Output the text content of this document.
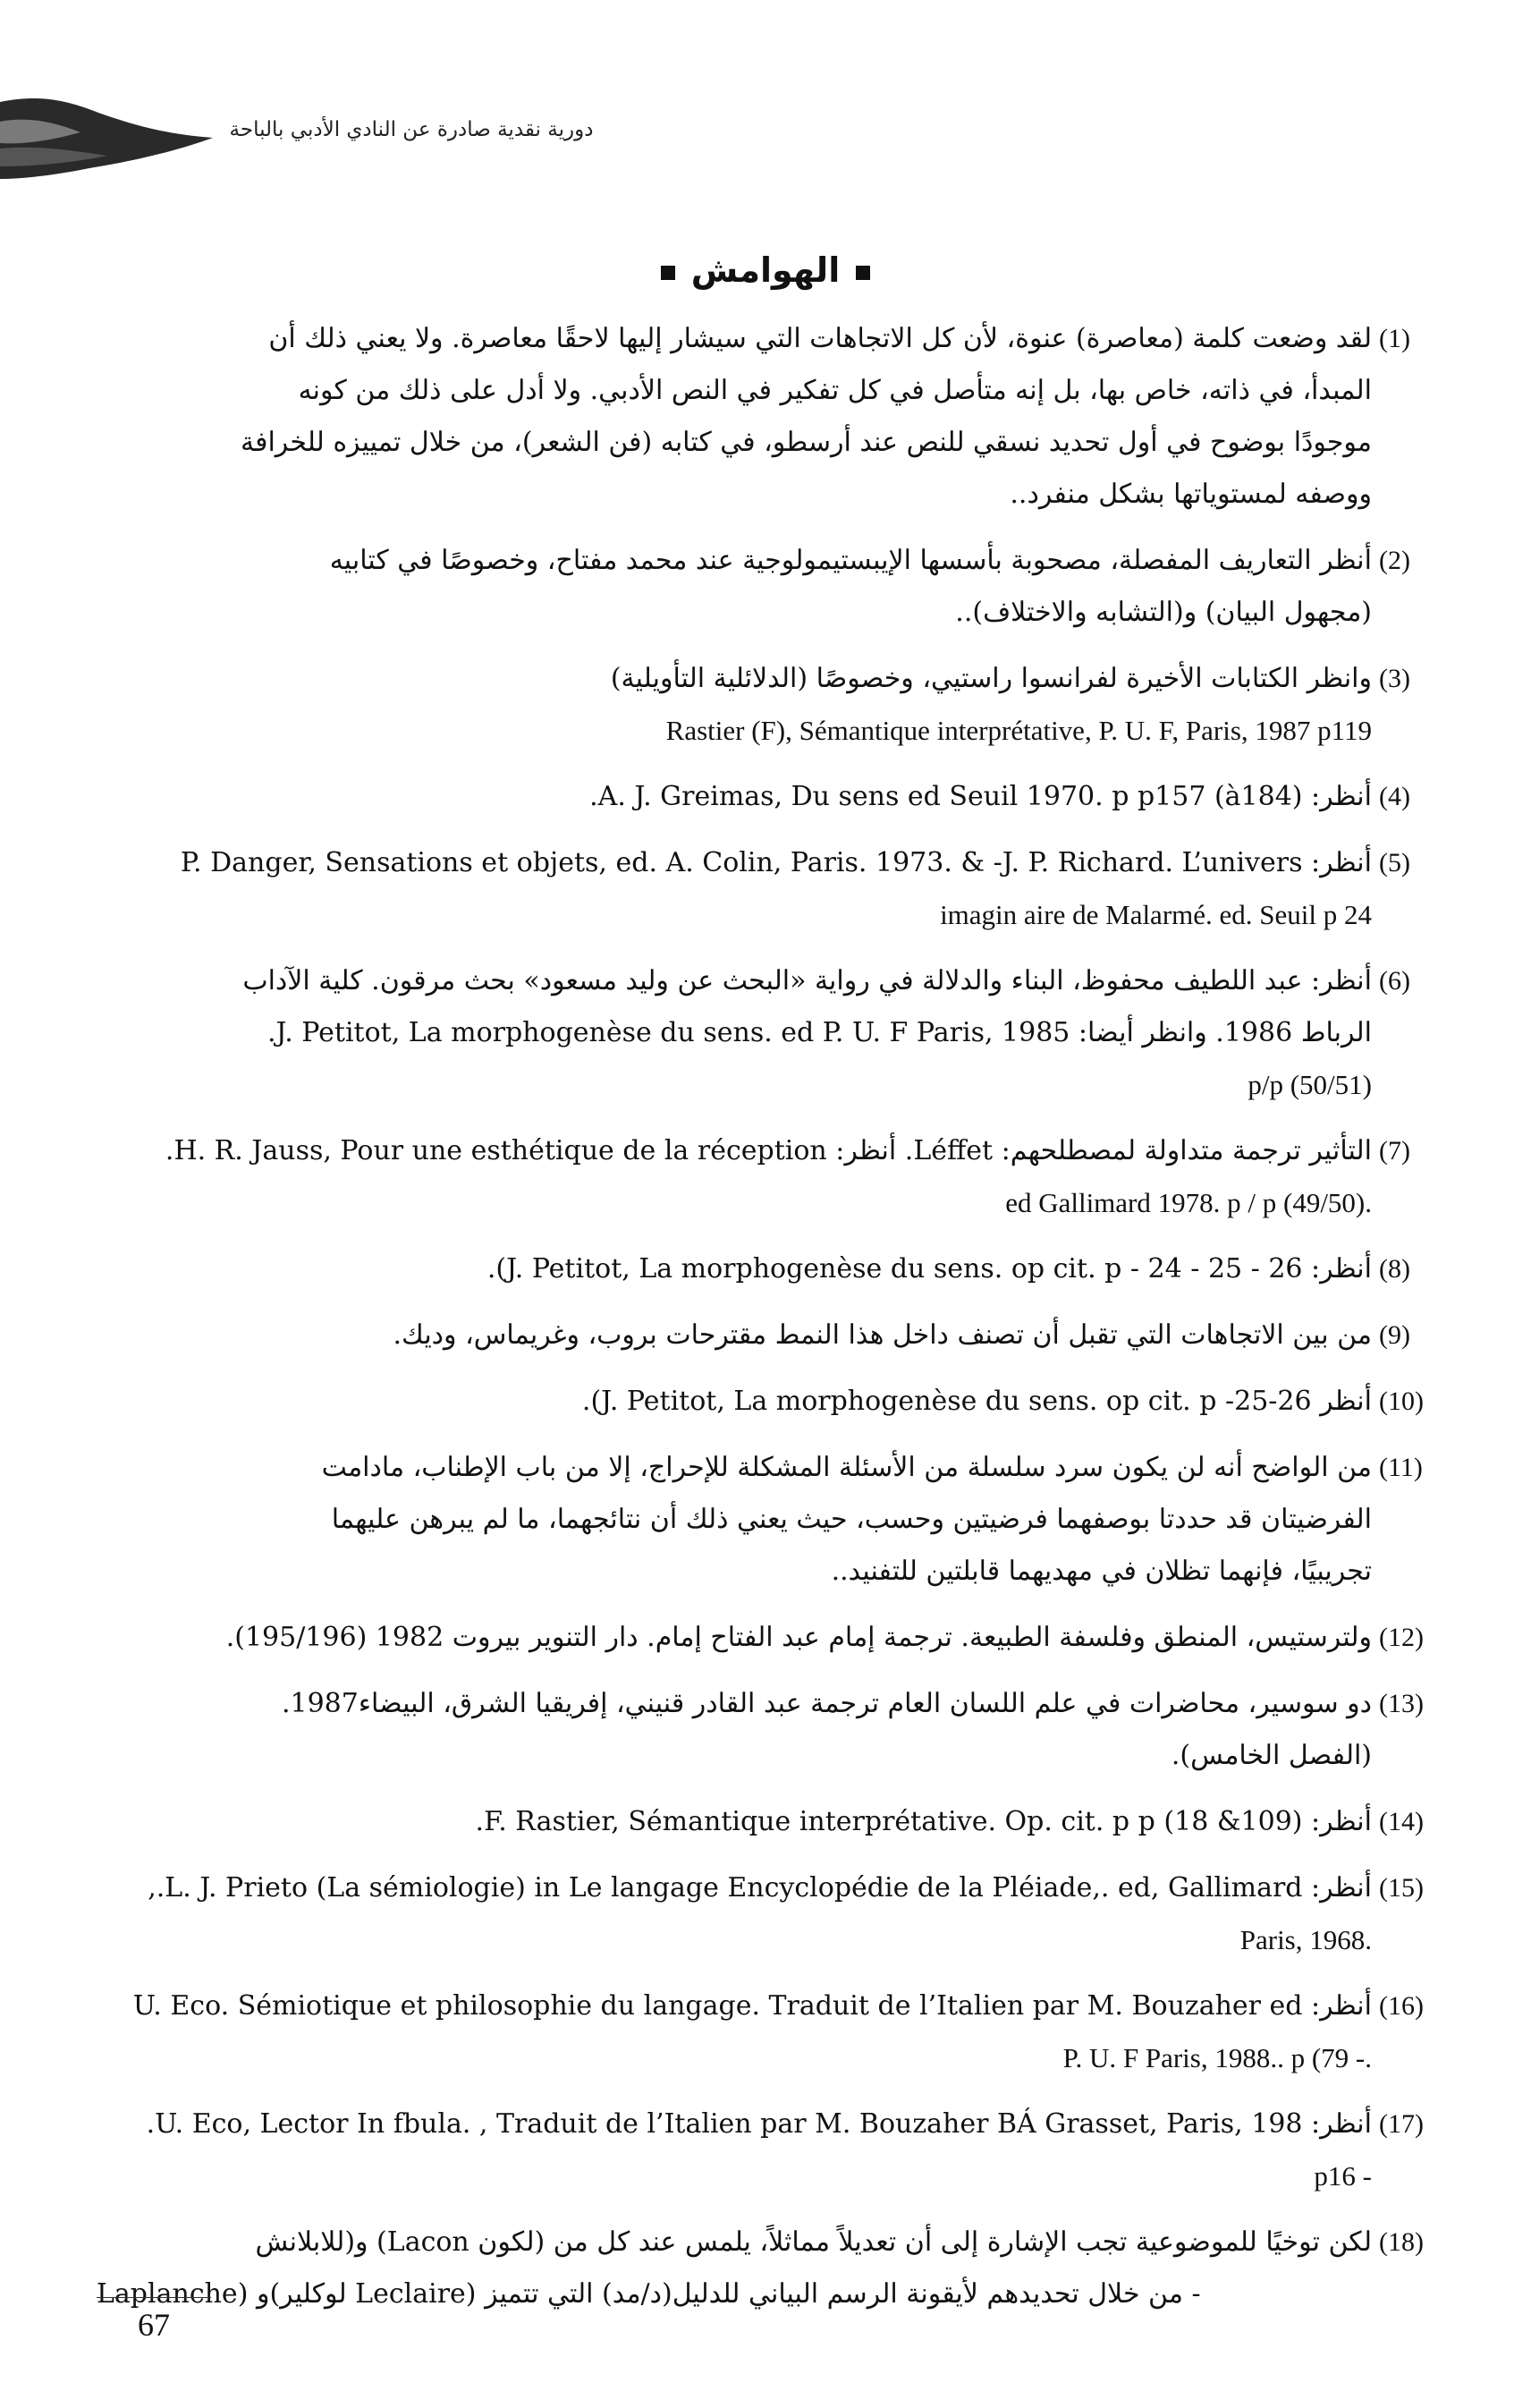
دورية نقدية صادرة عن النادي الأدبي بالباحة
الهوامش
(1)
لقد وضعت كلمة (معاصرة) عنوة، لأن كل الاتجاهات التي سيشار إليها لاحقًا معاصرة. ولا يعني ذلك أن
المبدأ، في ذاته، خاص بها، بل إنه متأصل في كل تفكير في النص الأدبي. ولا أدل على ذلك من كونه
موجودًا بوضوح في أول تحديد نسقي للنص عند أرسطو، في كتابه (فن الشعر)، من خلال تمييزه للخرافة
ووصفه لمستوياتها بشكل منفرد..
(2)
أنظر التعاريف المفصلة، مصحوبة بأسسها الإيبستيمولوجية عند محمد مفتاح، وخصوصًا في كتابيه
(مجهول البيان) و(التشابه والاختلاف)..
(3)
وانظر الكتابات الأخيرة لفرانسوا راستيي، وخصوصًا (الدلائلية التأويلية)
Rastier (F), Sémantique interprétative, P. U. F, Paris, 1987 p119
(4)
أنظر: A. J. Greimas, Du sens ed Seuil 1970. p p157 (à184).
(5)
أنظر: P. Danger, Sensations et objets, ed. A. Colin, Paris. 1973. & -J. P. Richard. L’univers
imagin aire de Malarmé. ed. Seuil p 24
(6)
أنظر: عبد اللطيف محفوظ، البناء والدلالة في رواية «البحث عن وليد مسعود» بحث مرقون. كلية الآداب
الرباط 1986. وانظر أيضا: J. Petitot, La morphogenèse du sens. ed P. U. F Paris, 1985.
p/p (50/51)
(7)
التأثير ترجمة متداولة لمصطلحهم: Léffet. أنظر: H. R. Jauss, Pour une esthétique de la réception.
ed Gallimard 1978. p / p (49/50).
(8)
أنظر: J. Petitot, La morphogenèse du sens. op cit. p - 24 - 25 - 26).
(9)
من بين الاتجاهات التي تقبل أن تصنف داخل هذا النمط مقترحات بروب، وغريماس، وديك.
(10)
أنظر J. Petitot, La morphogenèse du sens. op cit. p -25-26).
(11)
من الواضح أنه لن يكون سرد سلسلة من الأسئلة المشكلة للإحراج، إلا من باب الإطناب، مادامت
الفرضيتان قد حددتا بوصفهما فرضيتين وحسب، حيث يعني ذلك أن نتائجهما، ما لم يبرهن عليهما
تجريبيًا، فإنهما تظلان في مهديهما قابلتين للتفنيد..
(12)
ولترستيس، المنطق وفلسفة الطبيعة. ترجمة إمام عبد الفتاح إمام. دار التنوير بيروت 1982 (195/196).
(13)
دو سوسير، محاضرات في علم اللسان العام ترجمة عبد القادر قنيني، إفريقيا الشرق، البيضاء1987.
(الفصل الخامس).
(14)
أنظر: F. Rastier, Sémantique interprétative. Op. cit. p p (18 &109).
(15)
أنظر: L. J. Prieto (La sémiologie) in Le langage Encyclopédie de la Pléiade,. ed, Gallimard.,
Paris, 1968.
(16)
أنظر: U. Eco. Sémiotique et philosophie du langage. Traduit de l’Italien par M. Bouzaher ed
P. U. F Paris, 1988.. p (79 -.
(17)
أنظر: U. Eco, Lector In fbula. , Traduit de l’Italien par M. Bouzaher BÁ Grasset, Paris, 198.
p16 -
(18)
لكن توخيًا للموضوعية تجب الإشارة إلى أن تعديلاً مماثلاً، يلمس عند كل من (لكون Lacon) و(للابلانش
Laplanche) و(لوكلير Leclaire) من خلال تحديدهم لأيقونة الرسم البياني للدليل(د/مد) التي تتميز -
67
